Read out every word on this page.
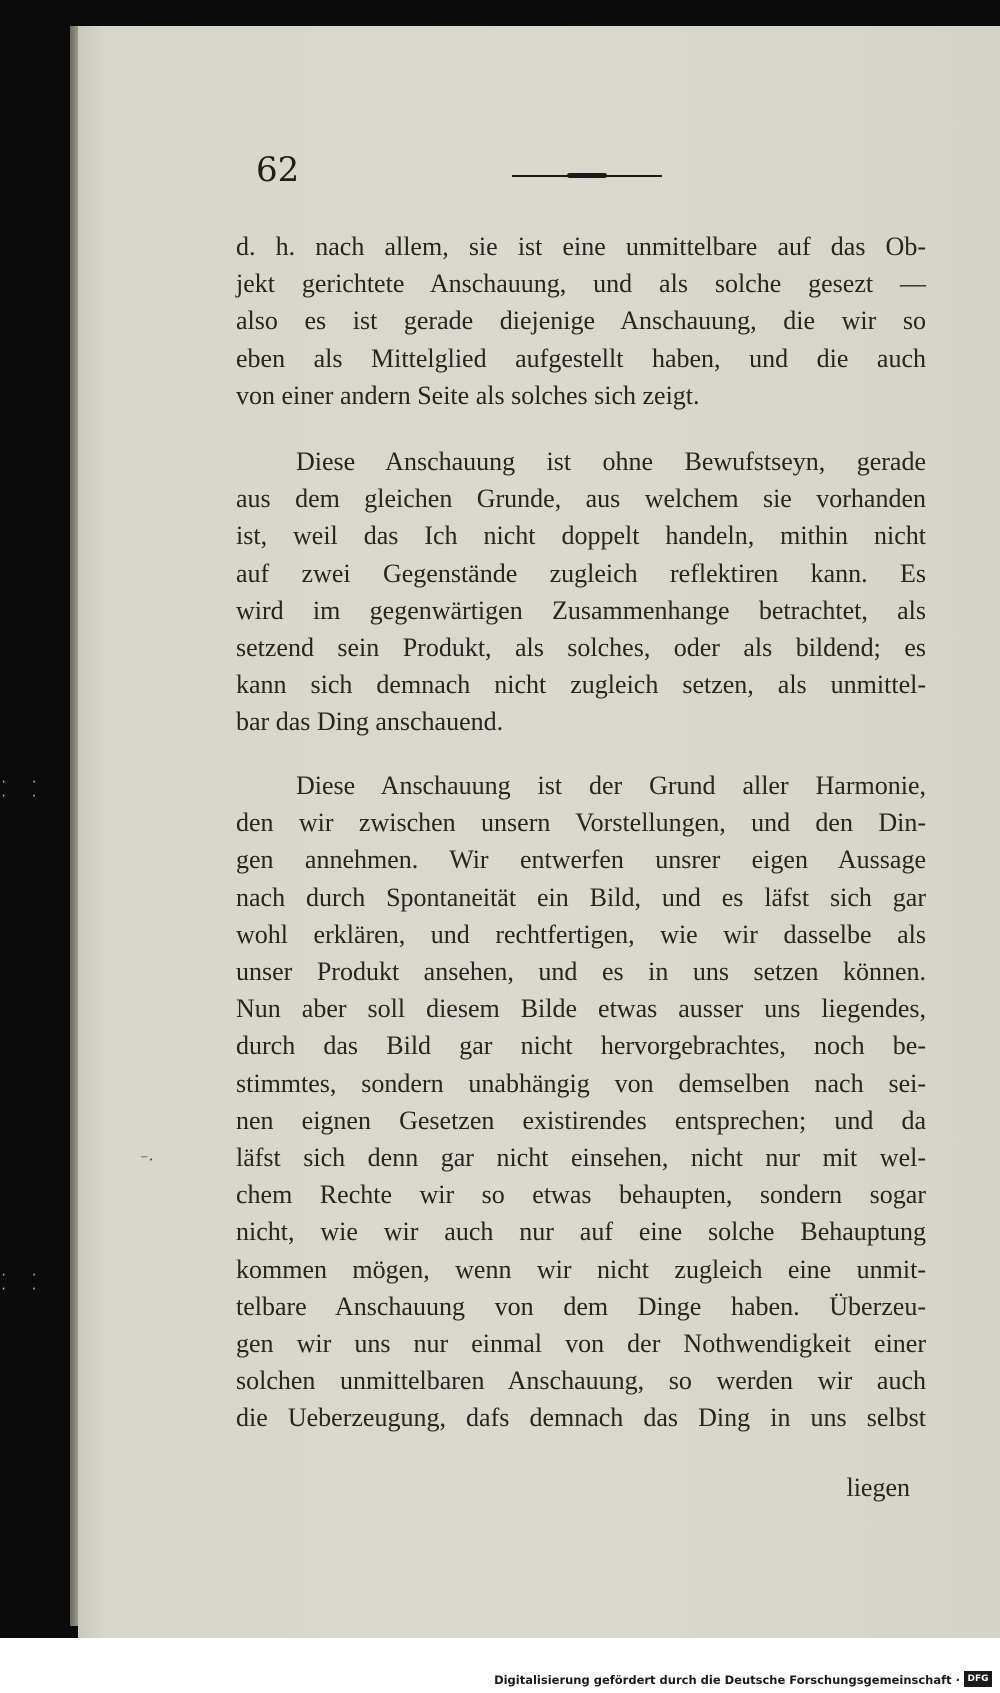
· · · ·
· · · ·
⁻·
62
d. h. nach allem, sie ist eine unmittelbare auf das Ob-
jekt gerichtete Anschauung, und als solche gesezt —
also es ist gerade diejenige Anschauung, die wir so
eben als Mittelglied aufgestellt haben, und die auch
von einer andern Seite als solches sich zeigt.
Diese Anschauung ist ohne Bewufstseyn, gerade
aus dem gleichen Grunde, aus welchem sie vorhanden
ist, weil das Ich nicht doppelt handeln, mithin nicht
auf zwei Gegenstände zugleich reflektiren kann. Es
wird im gegenwärtigen Zusammenhange betrachtet, als
setzend sein Produkt, als solches, oder als bildend; es
kann sich demnach nicht zugleich setzen, als unmittel-
bar das Ding anschauend.
Diese Anschauung ist der Grund aller Harmonie,
den wir zwischen unsern Vorstellungen, und den Din-
gen annehmen. Wir entwerfen unsrer eigen Aussage
nach durch Spontaneität ein Bild, und es läfst sich gar
wohl erklären, und rechtfertigen, wie wir dasselbe als
unser Produkt ansehen, und es in uns setzen können.
Nun aber soll diesem Bilde etwas ausser uns liegendes,
durch das Bild gar nicht hervorgebrachtes, noch be-
stimmtes, sondern unabhängig von demselben nach sei-
nen eignen Gesetzen existirendes entsprechen; und da
läfst sich denn gar nicht einsehen, nicht nur mit wel-
chem Rechte wir so etwas behaupten, sondern sogar
nicht, wie wir auch nur auf eine solche Behauptung
kommen mögen, wenn wir nicht zugleich eine unmit-
telbare Anschauung von dem Dinge haben. Überzeu-
gen wir uns nur einmal von der Nothwendigkeit einer
solchen unmittelbaren Anschauung, so werden wir auch
die Ueberzeugung, dafs demnach das Ding in uns selbst
liegen
Digitalisierung gefördert durch die Deutsche Forschungsgemeinschaft · DFG
